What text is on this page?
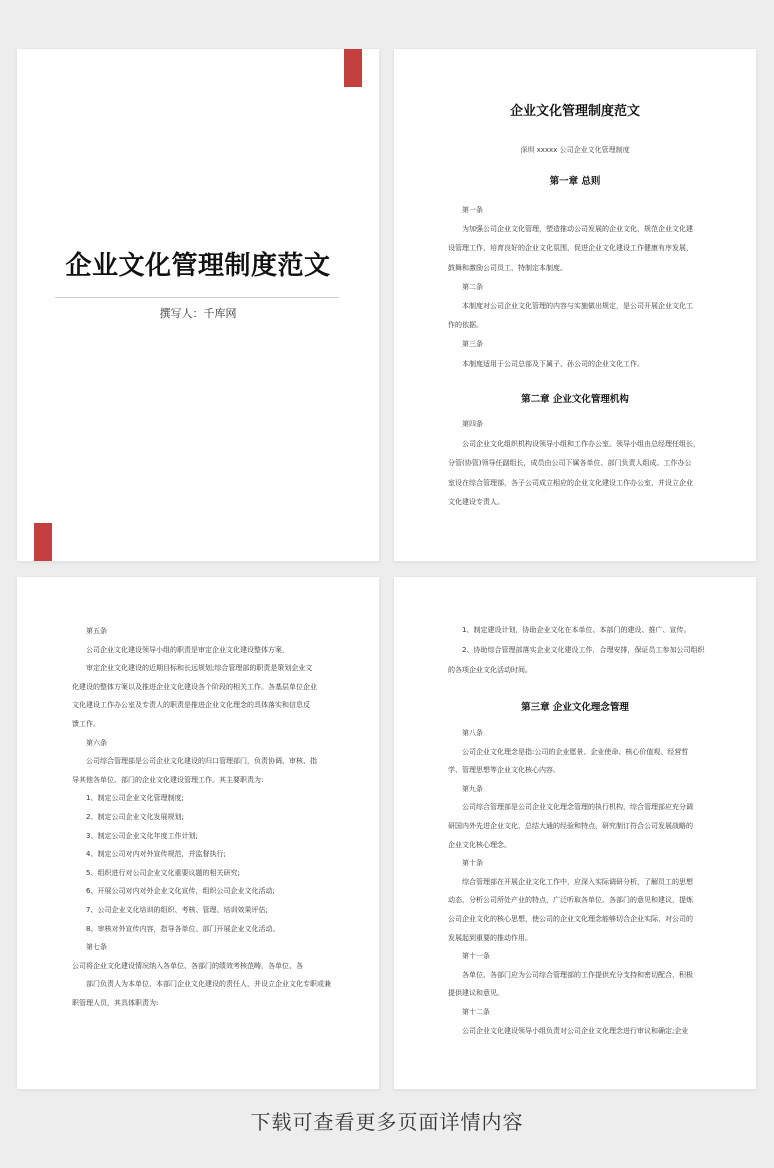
企业文化管理制度范文
撰写人：千库网
企业文化管理制度范文
深圳 xxxxx 公司企业文化管理制度
第一章 总则

第一条

为加强公司企业文化管理，塑造推动公司发展的企业文化，规范企业文化建

设管理工作，培育良好的企业文化氛围，促进企业文化建设工作健康有序发展，

鼓舞和激励公司员工，特制定本制度。

第二条

本制度对公司企业文化管理的内容与实施做出规定，是公司开展企业文化工

作的依据。

第三条

本制度适用于公司总部及下属子、孙公司的企业文化工作。

第二章 企业文化管理机构

第四条

公司企业文化组织机构设领导小组和工作办公室。领导小组由总经理任组长，

分管(协管)领导任副组长，成员由公司下属各单位、部门负责人组成。工作办公

室设在综合管理部，各子公司成立相应的企业文化建设工作办公室，并设立企业

文化建设专责人。

第五条

公司企业文化建设领导小组的职责是审定企业文化建设整体方案，

审定企业文化建设的近期目标和长远规划;综合管理部的职责是策划企业文

化建设的整体方案以及推进企业文化建设各个阶段的相关工作。各基层单位企业

文化建设工作办公室及专责人的职责是推进企业文化理念的具体落实和信息反

馈工作。

第六条

公司综合管理部是公司企业文化建设的归口管理部门，负责协调、审核、指

导其他各单位、部门的企业文化建设管理工作。其主要职责为:

1、制定公司企业文化管理制度;

2、制定公司企业文化发展规划;

3、制定公司企业文化年度工作计划;

4、制定公司对内对外宣传规范，并监督执行;

5、组织进行对公司企业文化重要议题的相关研究;

6、开展公司对内对外企业文化宣传，组织公司企业文化活动;

7、公司企业文化培训的组织、考核、管理、培训效果评估;

8、审核对外宣传内容，指导各单位、部门开展企业文化活动。

第七条

公司将企业文化建设情况纳入各单位、各部门的绩效考核范畴，各单位、各

部门负责人为本单位、本部门企业文化建设的责任人，并设立企业文化专职或兼

职管理人员，其具体职责为:

1、制定建设计划，协助企业文化在本单位、本部门的建设、推广、宣传。

2、协助综合管理部落实企业文化建设工作，合理安排，保证员工参加公司组织

的各项企业文化活动时间。

第三章 企业文化理念管理

第八条

公司企业文化理念是指:公司的企业愿景、企业使命、核心价值观、经营哲

学、管理思想等企业文化核心内容。

第九条

公司综合管理部是公司企业文化理念管理的执行机构，综合管理部应充分调

研国内外先进企业文化，总结大通的经验和特点，研究制订符合公司发展战略的

企业文化核心理念。

第十条

综合管理部在开展企业文化工作中，应深入实际调研分析，了解员工的思想

动态，分析公司所处产业的特点，广泛听取各单位、各部门的意见和建议，提炼

公司企业文化的核心思想，使公司的企业文化理念能够切合企业实际，对公司的

发展起到重要的推动作用。

第十一条

各单位、各部门应为公司综合管理部的工作提供充分支持和密切配合，积极

提供建议和意见。

第十二条

公司企业文化建设领导小组负责对公司企业文化理念进行审议和确定;企业

下载可查看更多页面详情内容
